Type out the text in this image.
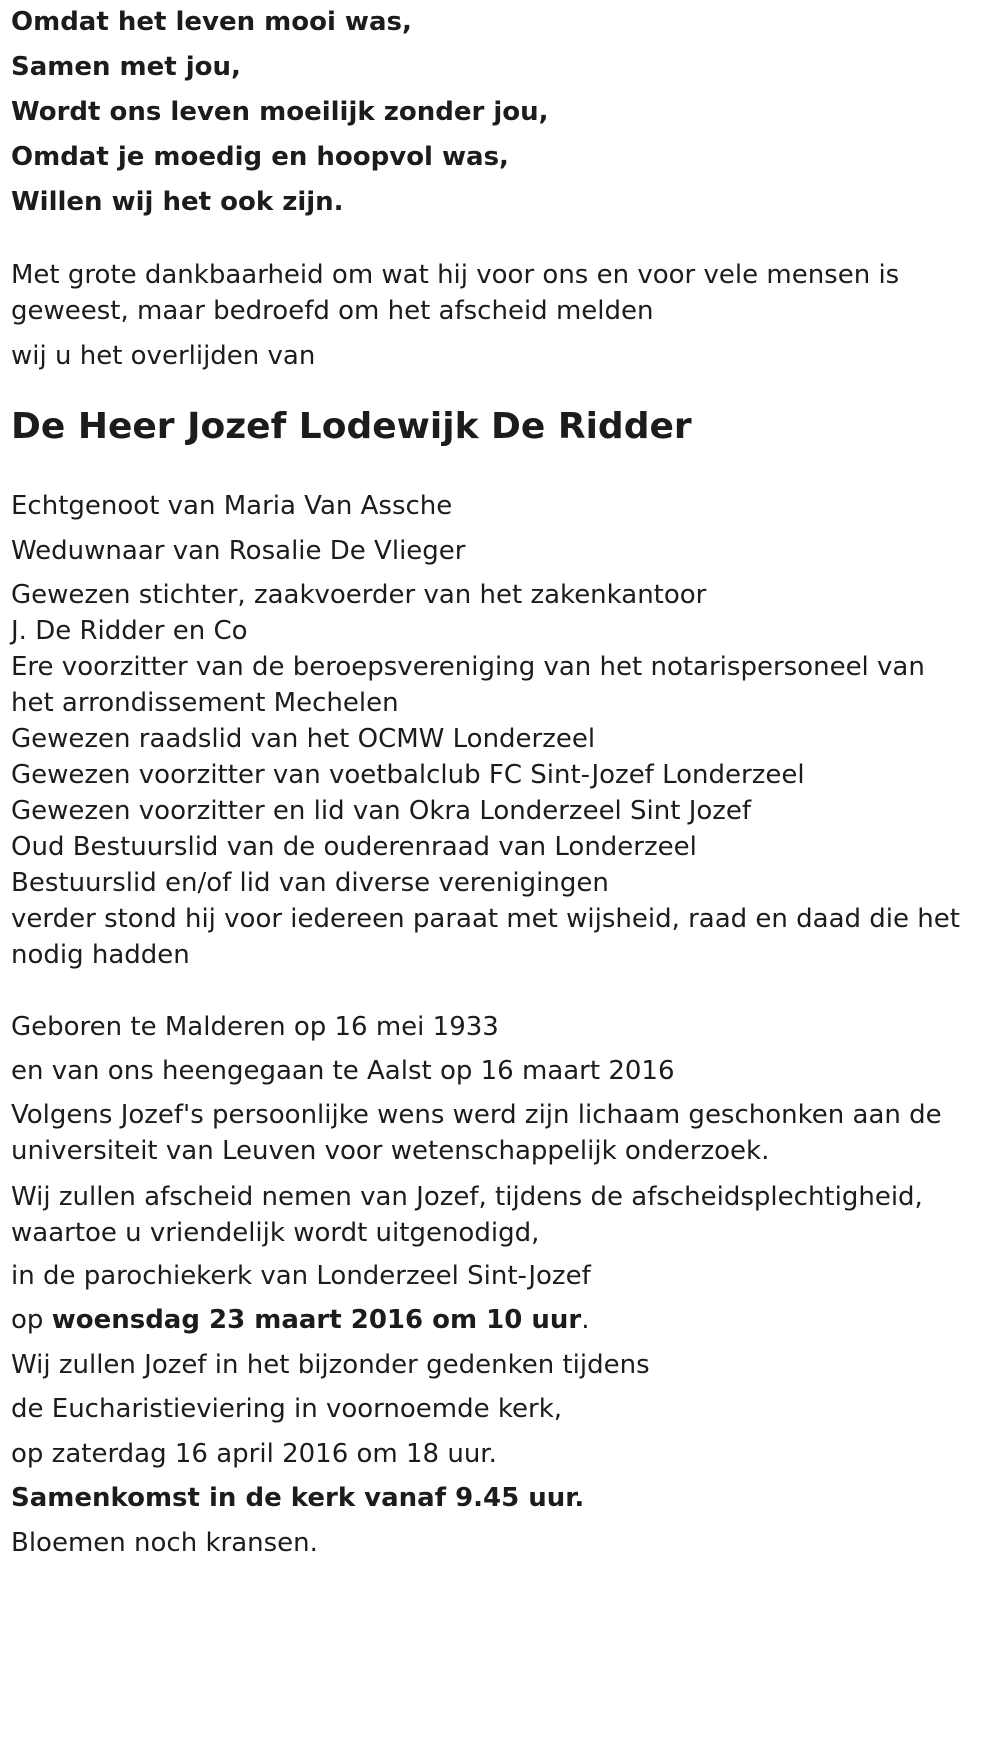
Omdat het leven mooi was,
Samen met jou,
Wordt ons leven moeilijk zonder jou,
Omdat je moedig en hoopvol was,
Willen wij het ook zijn.
Met grote dankbaarheid om wat hij voor ons en voor vele mensen is
geweest, maar bedroefd om het afscheid melden
wij u het overlijden van
De Heer Jozef Lodewijk De Ridder
Echtgenoot van Maria Van Assche
Weduwnaar van Rosalie De Vlieger
Gewezen stichter, zaakvoerder van het zakenkantoor
J. De Ridder en Co
Ere voorzitter van de beroepsvereniging van het notarispersoneel van
het arrondissement Mechelen
Gewezen raadslid van het OCMW Londerzeel
Gewezen voorzitter van voetbalclub FC Sint-Jozef Londerzeel
Gewezen voorzitter en lid van Okra Londerzeel Sint Jozef
Oud Bestuurslid van de ouderenraad van Londerzeel
Bestuurslid en/of lid van diverse verenigingen
verder stond hij voor iedereen paraat met wijsheid, raad en daad die het
nodig hadden
Geboren te Malderen op 16 mei 1933
en van ons heengegaan te Aalst op 16 maart 2016
Volgens Jozef's persoonlijke wens werd zijn lichaam geschonken aan de
universiteit van Leuven voor wetenschappelijk onderzoek.
Wij zullen afscheid nemen van Jozef, tijdens de afscheidsplechtigheid,
waartoe u vriendelijk wordt uitgenodigd,
in de parochiekerk van Londerzeel Sint-Jozef
op woensdag 23 maart 2016 om 10 uur.
Wij zullen Jozef in het bijzonder gedenken tijdens
de Eucharistieviering in voornoemde kerk,
op zaterdag 16 april 2016 om 18 uur.
Samenkomst in de kerk vanaf 9.45 uur.
Bloemen noch kransen.
